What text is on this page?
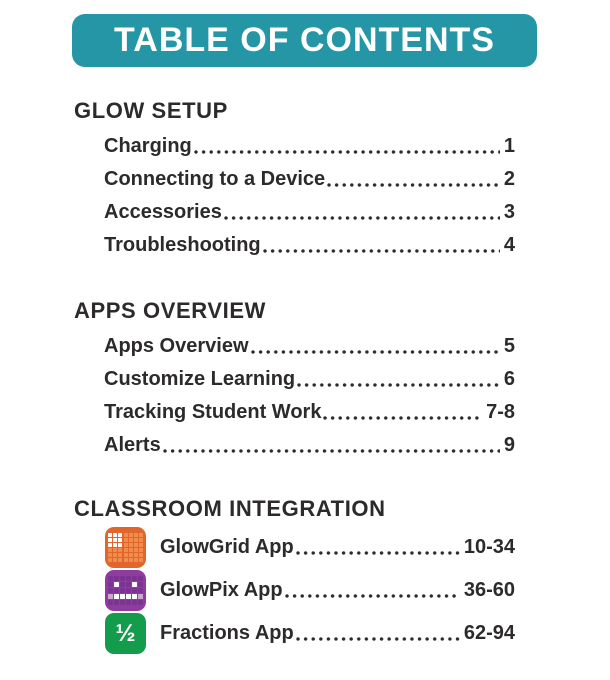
TABLE OF CONTENTS
GLOW SETUP
Charging	1
Connecting to a Device	2
Accessories	3
Troubleshooting	4
APPS OVERVIEW
Apps Overview	5
Customize Learning	6
Tracking Student Work	7-8
Alerts	9
CLASSROOM INTEGRATION
GlowGrid App	10-34
GlowPix App	36-60
½	Fractions App	62-94
